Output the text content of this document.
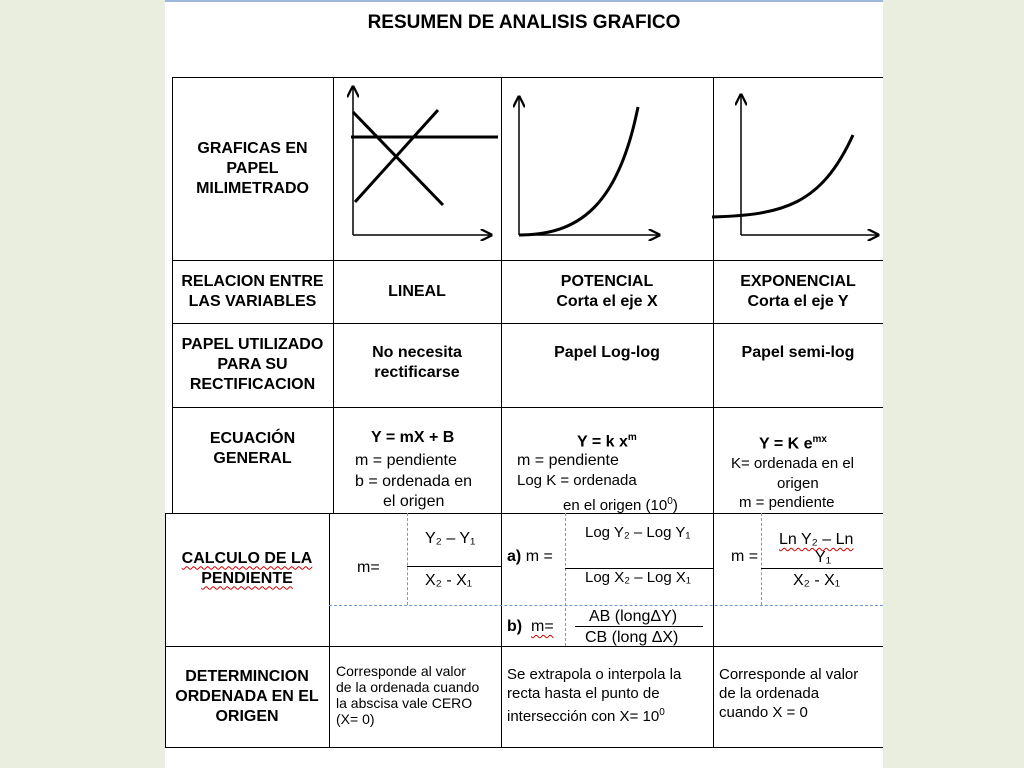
RESUMEN DE ANALISIS GRAFICO
GRAFICAS EN PAPEL MILIMETRADO
RELACION ENTRE LAS VARIABLES
PAPEL UTILIZADO PARA SU RECTIFICACION
ECUACIÓN GENERAL
CALCULO DE LA PENDIENTE
DETERMINCION ORDENADA EN EL ORIGEN
LINEAL
POTENCIAL
Corta el eje X
EXPONENCIAL
Corta el eje Y
No necesita rectificarse
Papel Log-log	Papel semi-log
Y = mX + B
m = pendiente
b = ordenada en
el origen
Y = k $x^m$
m = pendiente
Log K = ordenada
en el origen $(10^0)$
Y = K $e^{mx}$
K= ordenada en el
origen
m = pendiente
m=
Y₂ – Y₁
X₂ - X₁
a) m =
Log Y₂ – Log Y₁
Log X₂ – Log X₁
b) m=
AB (longΔY)
CB (long ΔX)
m =
Ln Y₂ – Ln
Y₁
X₂ - X₁
Corresponde al valor
de la ordenada cuando
la abscisa vale CERO
(X= 0)
Se extrapola o interpola la
recta hasta el punto de
intersección con $X= 10^0$
Corresponde al valor
de la ordenada
cuando X = 0
